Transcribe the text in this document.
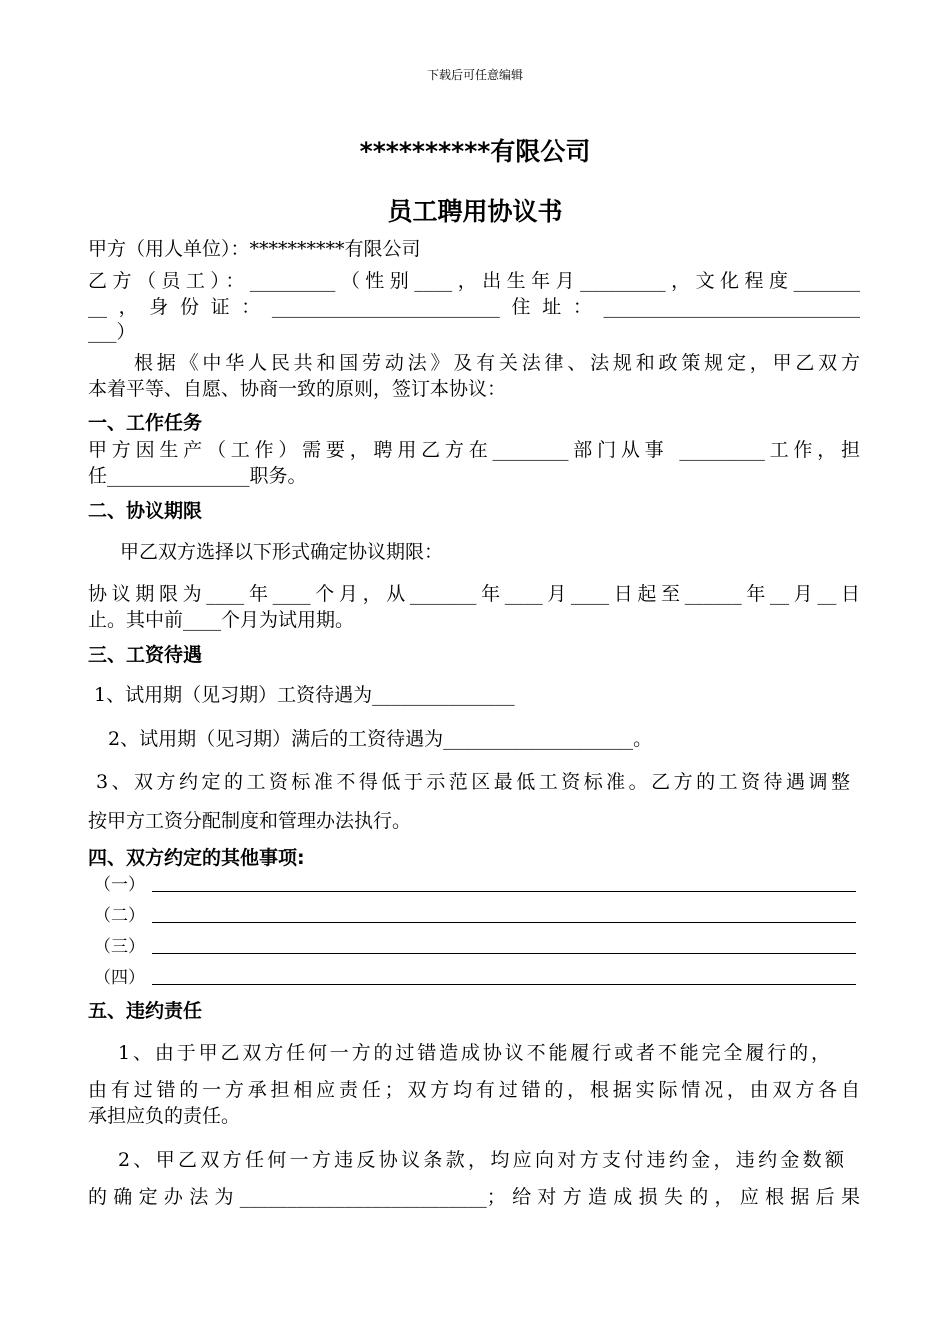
下载后可任意编辑
**********有限公司
员工聘用协议书
甲方（用人单位）：**********有限公司
乙方（员工）：_________（性别____，出生年月_________，文化程度_______
__，身份证：________________________住址：___________________________
___）
根据《中华人民共和国劳动法》及有关法律、法规和政策规定，甲乙双方
本着平等、自愿、协商一致的原则，签订本协议：
一、工作任务
甲方因生产（工作）需要，聘用乙方在________部门从事 _________工作，担
任_______________职务。
二、协议期限
甲乙双方选择以下形式确定协议期限：
协议期限为____年____个月，从_______年____月____日起至______年__月__日
止。其中前____个月为试用期。
三、工资待遇
1、试用期（见习期）工资待遇为_______________
2、试用期（见习期）满后的工资待遇为____________________。
3、双方约定的工资标准不得低于示范区最低工资标准。乙方的工资待遇调整
按甲方工资分配制度和管理办法执行。
四、双方约定的其他事项:
（一）
（二）
（三）
（四）
五、违约责任
1、由于甲乙双方任何一方的过错造成协议不能履行或者不能完全履行的，
由有过错的一方承担相应责任；双方均有过错的，根据实际情况，由双方各自
承担应负的责任。
2、甲乙双方任何一方违反协议条款，均应向对方支付违约金，违约金数额
的确定办法为__________________________；给对方造成损失的，应根据后果
